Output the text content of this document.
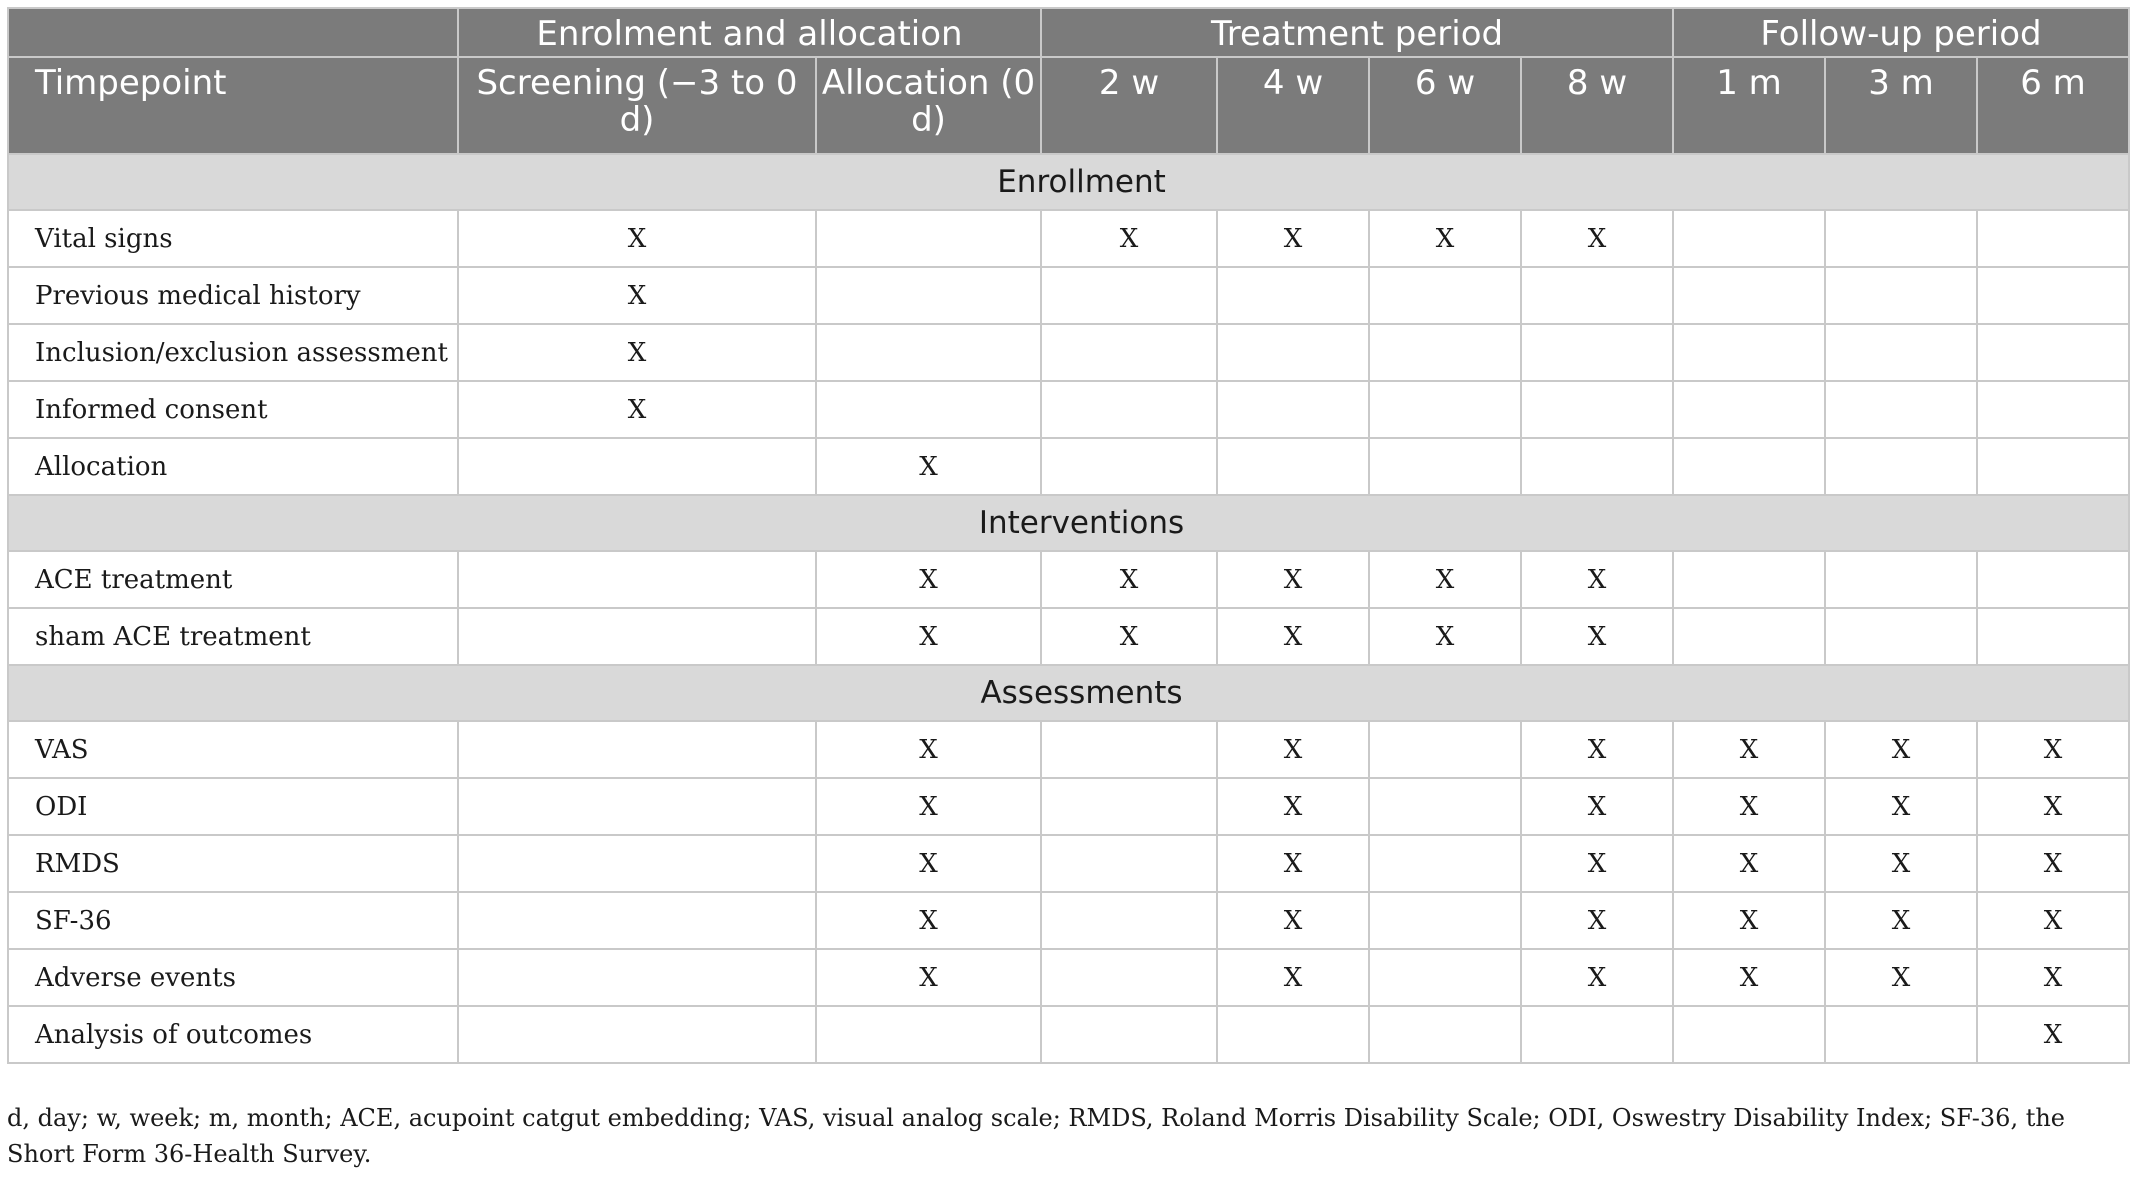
	Enrolment and allocation		Treatment period				Follow-up period		
Timpepoint	Screening (−3 to 0 d)	Allocation (0 d)	2 w	4 w	6 w	8 w	1 m	3 m	6 m
Enrollment									
Vital signs	X		X	X	X	X			
Previous medical history	X								
Inclusion/exclusion assessment	X								
Informed consent	X								
Allocation		X							
Interventions									
ACE treatment		X	X	X	X	X			
sham ACE treatment		X	X	X	X	X			
Assessments									
VAS		X		X		X	X	X	X
ODI		X		X		X	X	X	X
RMDS		X		X		X	X	X	X
SF-36		X		X		X	X	X	X
Adverse events		X		X		X	X	X	X
Analysis of outcomes									X
d, day; w, week; m, month; ACE, acupoint catgut embedding; VAS, visual analog scale; RMDS, Roland Morris Disability Scale; ODI, Oswestry Disability Index; SF-36, the Short Form 36-Health Survey.
